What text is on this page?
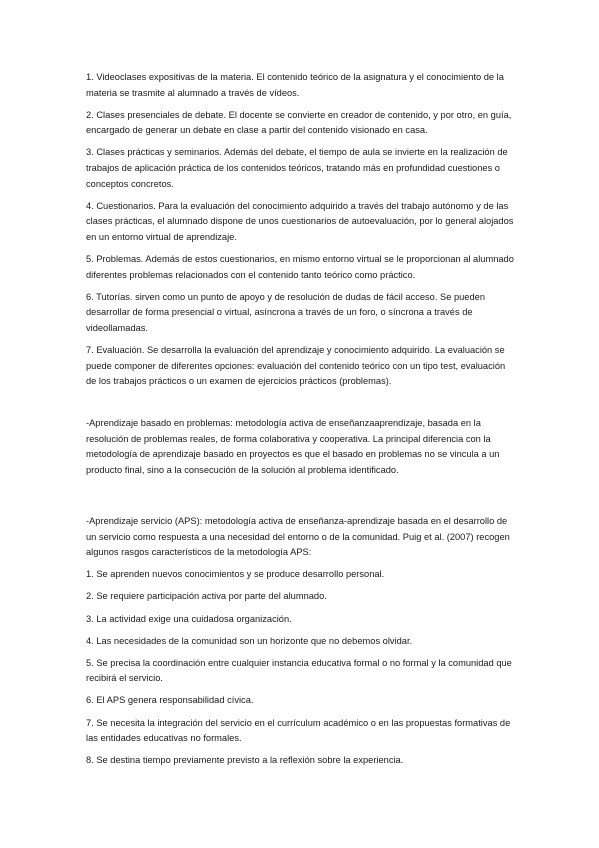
1. Videoclases expositivas de la materia. El contenido teórico de la asignatura y el conocimiento de la materia se trasmite al alumnado a través de vídeos.

2. Clases presenciales de debate. El docente se convierte en creador de contenido, y por otro, en guía, encargado de generar un debate en clase a partir del contenido visionado en casa.

3. Clases prácticas y seminarios. Además del debate, el tiempo de aula se invierte en la realización de trabajos de aplicación práctica de los contenidos teóricos, tratando más en profundidad cuestiones o conceptos concretos.

4. Cuestionarios. Para la evaluación del conocimiento adquirido a través del trabajo autónomo y de las clases prácticas, el alumnado dispone de unos cuestionarios de autoevaluación, por lo general alojados en un entorno virtual de aprendizaje.

5. Problemas. Además de estos cuestionarios, en mismo entorno virtual se le proporcionan al alumnado diferentes problemas relacionados con el contenido tanto teórico como práctico.

6. Tutorías. sirven como un punto de apoyo y de resolución de dudas de fácil acceso. Se pueden desarrollar de forma presencial o virtual, asíncrona a través de un foro, o síncrona a través de videollamadas.

7. Evaluación. Se desarrolla la evaluación del aprendizaje y conocimiento adquirido. La evaluación se puede componer de diferentes opciones: evaluación del contenido teórico con un tipo test, evaluación de los trabajos prácticos o un examen de ejercicios prácticos (problemas).

-Aprendizaje basado en problemas: metodología activa de enseñanzaaprendizaje, basada en la resolución de problemas reales, de forma colaborativa y cooperativa. La principal diferencia con la metodología de aprendizaje basado en proyectos es que el basado en problemas no se vincula a un producto final, sino a la consecución de la solución al problema identificado.

-Aprendizaje servicio (APS): metodología activa de enseñanza-aprendizaje basada en el desarrollo de un servicio como respuesta a una necesidad del entorno o de la comunidad. Puig et al. (2007) recogen algunos rasgos característicos de la metodología APS:

1. Se aprenden nuevos conocimientos y se produce desarrollo personal.

2. Se requiere participación activa por parte del alumnado.

3. La actividad exige una cuidadosa organización.

4. Las necesidades de la comunidad son un horizonte que no debemos olvidar.

5. Se precisa la coordinación entre cualquier instancia educativa formal o no formal y la comunidad que recibirá el servicio.

6. El APS genera responsabilidad cívica.

7. Se necesita la integración del servicio en el currículum académico o en las propuestas formativas de las entidades educativas no formales.

8. Se destina tiempo previamente previsto a la reflexión sobre la experiencia.
